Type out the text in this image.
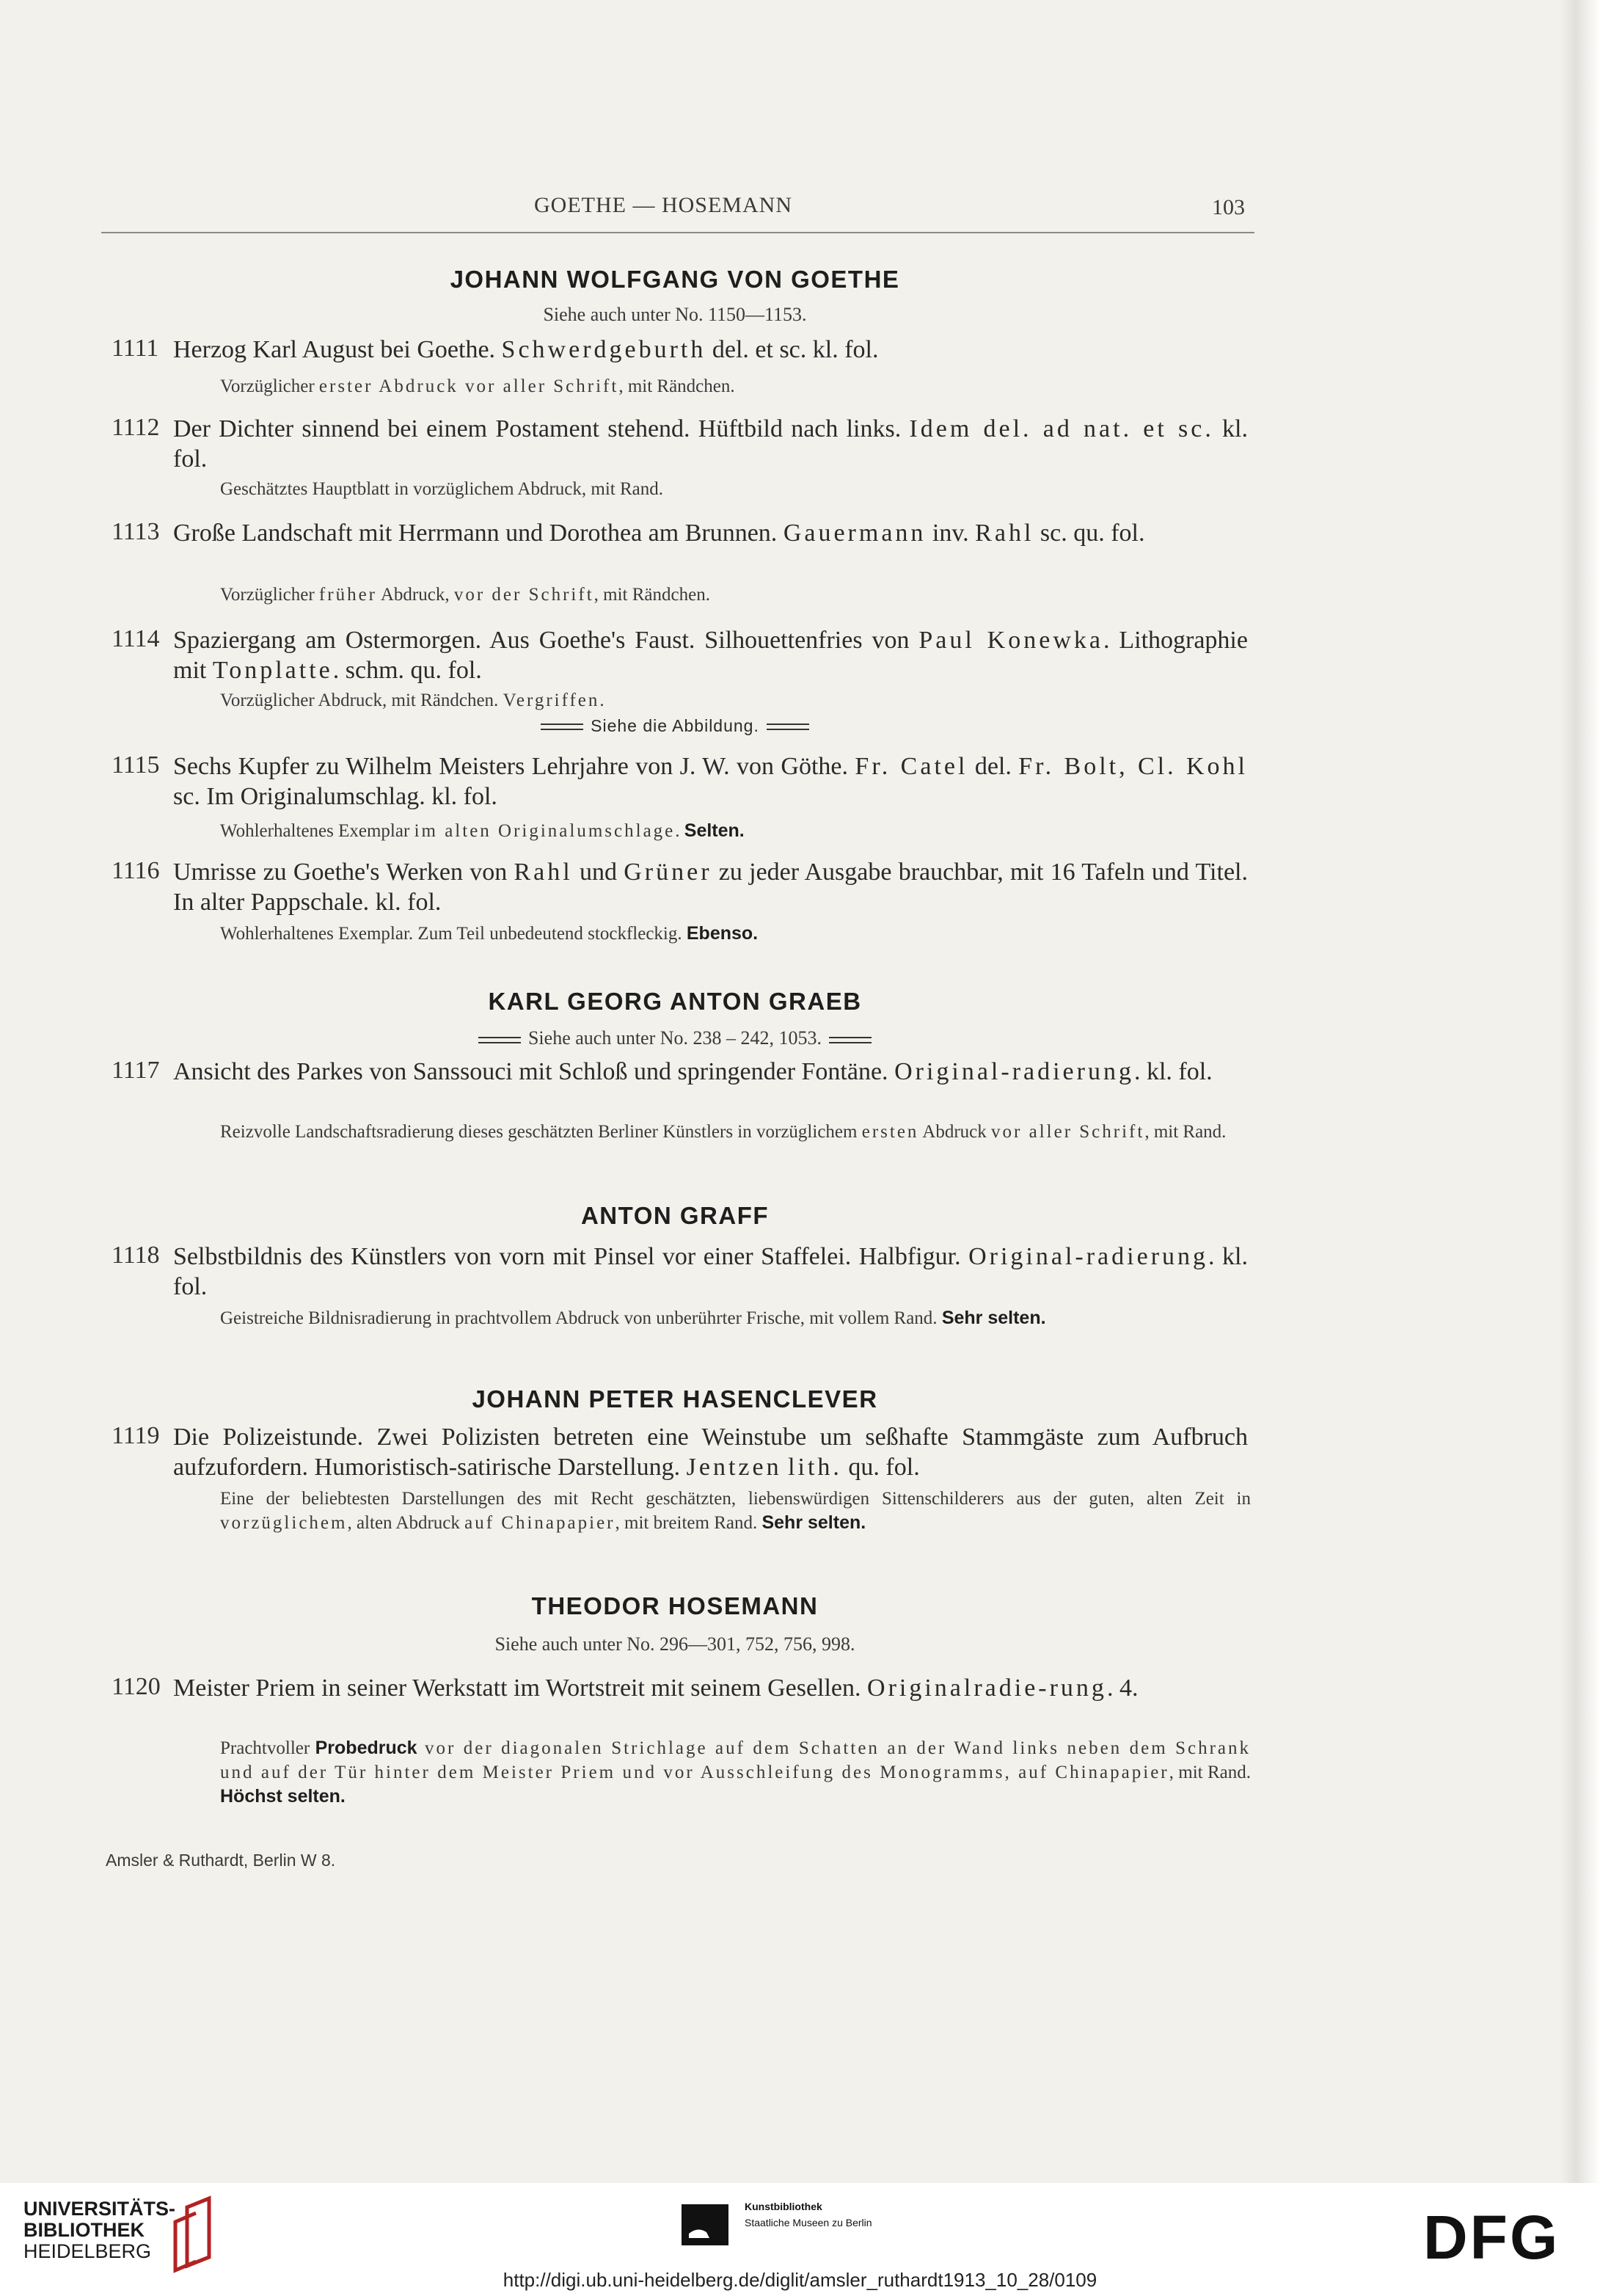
GOETHE — HOSEMANN	103
JOHANN WOLFGANG VON GOETHE
Siehe auch unter No. 1150—1153.
1111 Herzog Karl August bei Goethe. Schwerdgeburth del. et sc. kl. fol.
Vorzüglicher erster Abdruck vor aller Schrift, mit Rändchen.
1112 Der Dichter sinnend bei einem Postament stehend. Hüftbild nach links. Idem del. ad nat. et sc. kl. fol.
Geschätztes Hauptblatt in vorzüglichem Abdruck, mit Rand.
1113 Große Landschaft mit Herrmann und Dorothea am Brunnen. Gauermann inv. Rahl sc. qu. fol.
Vorzüglicher früher Abdruck, vor der Schrift, mit Rändchen.
1114 Spaziergang am Ostermorgen. Aus Goethe's Faust. Silhouettenfries von Paul Konewka. Lithographie mit Tonplatte. schm. qu. fol.
Vorzüglicher Abdruck, mit Rändchen. Vergriffen.
Siehe die Abbildung.
1115 Sechs Kupfer zu Wilhelm Meisters Lehrjahre von J. W. von Göthe. Fr. Catel del. Fr. Bolt, Cl. Kohl sc. Im Originalumschlag. kl. fol.
Wohlerhaltenes Exemplar im alten Originalumschlage. Selten.
1116 Umrisse zu Goethe's Werken von Rahl und Grüner zu jeder Ausgabe brauchbar, mit 16 Tafeln und Titel. In alter Pappschale. kl. fol.
Wohlerhaltenes Exemplar. Zum Teil unbedeutend stockfleckig. Ebenso.
KARL GEORG ANTON GRAEB
Siehe auch unter No. 238 – 242, 1053.
1117 Ansicht des Parkes von Sanssouci mit Schloß und springender Fontäne. Original-radierung. kl. fol.
Reizvolle Landschaftsradierung dieses geschätzten Berliner Künstlers in vorzüglichem ersten Abdruck vor aller Schrift, mit Rand.
ANTON GRAFF
1118 Selbstbildnis des Künstlers von vorn mit Pinsel vor einer Staffelei. Halbfigur. Original-radierung. kl. fol.
Geistreiche Bildnisradierung in prachtvollem Abdruck von unberührter Frische, mit vollem Rand. Sehr selten.
JOHANN PETER HASENCLEVER
1119 Die Polizeistunde. Zwei Polizisten betreten eine Weinstube um seßhafte Stammgäste zum Aufbruch aufzufordern. Humoristisch-satirische Darstellung. Jentzen lith. qu. fol.
Eine der beliebtesten Darstellungen des mit Recht geschätzten, liebenswürdigen Sittenschilderers aus der guten, alten Zeit in vorzüglichem, alten Abdruck auf Chinapapier, mit breitem Rand. Sehr selten.
THEODOR HOSEMANN
Siehe auch unter No. 296—301, 752, 756, 998.
1120 Meister Priem in seiner Werkstatt im Wortstreit mit seinem Gesellen. Originalradie-rung. 4.
Prachtvoller Probedruck vor der diagonalen Strichlage auf dem Schatten an der Wand links neben dem Schrank und auf der Tür hinter dem Meister Priem und vor Ausschleifung des Monogramms, auf Chinapapier, mit Rand. Höchst selten.
Amsler & Ruthardt, Berlin W 8.
UNIVERSITÄTS-
BIBLIOTHEK
HEIDELBERG
Kunstbibliothek
Staatliche Museen zu Berlin	DFG
http://digi.ub.uni-heidelberg.de/diglit/amsler_ruthardt1913_10_28/0109
